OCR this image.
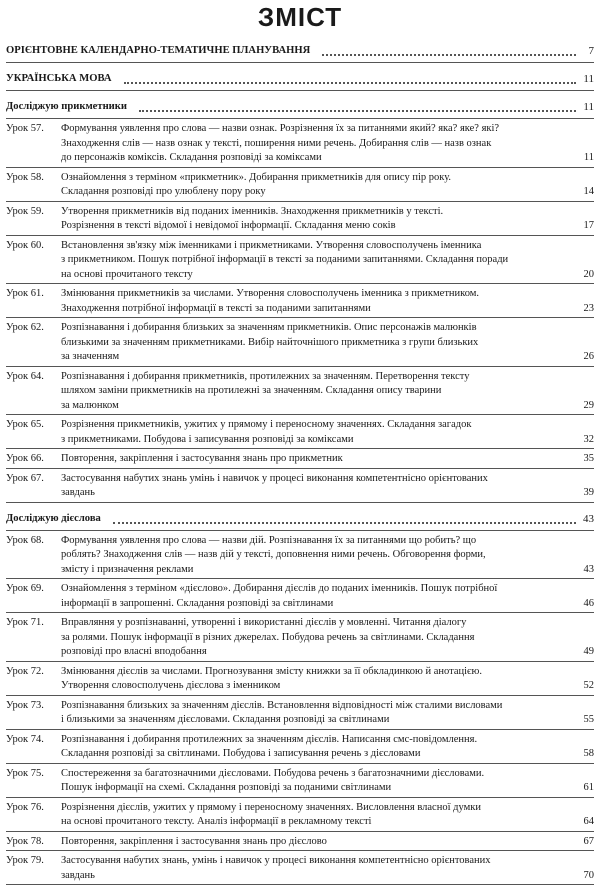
ЗМІСТ
ОРІЄНТОВНЕ КАЛЕНДАРНО-ТЕМАТИЧНЕ ПЛАНУВАННЯ	7
УКРАЇНСЬКА МОВА	11
Досліджую прикметники	11
Урок 57. Формування уявлення про слова — назви ознак. Розрізнення їх за питаннями який? яка? яке? які?
Знаходження слів — назв ознак у тексті, поширення ними речень. Добирання слів — назв ознак
до персонажів коміксів. Складання розповіді за коміксами	11
Урок 58. Ознайомлення з терміном «прикметник». Добирання прикметників для опису пір року.
Складання розповіді про улюблену пору року	14
Урок 59. Утворення прикметників від поданих іменників. Знаходження прикметників у тексті.
Розрізнення в тексті відомої і невідомої інформації. Складання меню соків	17
Урок 60. Встановлення зв'язку між іменниками і прикметниками. Утворення словосполучень іменника
з прикметником. Пошук потрібної інформації в тексті за поданими запитаннями. Складання поради
на основі прочитаного тексту	20
Урок 61. Змінювання прикметників за числами. Утворення словосполучень іменника з прикметником.
Знаходження потрібної інформації в тексті за поданими запитаннями	23
Урок 62. Розпізнавання і добирання близьких за значенням прикметників. Опис персонажів малюнків
близькими за значенням прикметниками. Вибір найточнішого прикметника з групи близьких
за значенням	26
Урок 64. Розпізнавання і добирання прикметників, протилежних за значенням. Перетворення тексту
шляхом заміни прикметників на протилежні за значенням. Складання опису тварини
за малюнком	29
Урок 65. Розрізнення прикметників, ужитих у прямому і переносному значеннях. Складання загадок
з прикметниками. Побудова і записування розповіді за коміксами	32
Урок 66. Повторення, закріплення і застосування знань про прикметник	35
Урок 67. Застосування набутих знань умінь і навичок у процесі виконання компетентнісно орієнтованих
завдань	39
Досліджую дієслова	43
Урок 68. Формування уявлення про слова — назви дій. Розпізнавання їх за питаннями що робить? що
роблять? Знаходження слів — назв дій у тексті, доповнення ними речень. Обговорення форми,
змісту і призначення реклами	43
Урок 69. Ознайомлення з терміном «дієслово». Добирання дієслів до поданих іменників. Пошук потрібної
інформації в запрошенні. Складання розповіді за світлинами	46
Урок 71. Вправляння у розпізнаванні, утворенні і використанні дієслів у мовленні. Читання діалогу
за ролями. Пошук інформації в різних джерелах. Побудова речень за світлинами. Складання
розповіді про власні вподобання	49
Урок 72. Змінювання дієслів за числами. Прогнозування змісту книжки за її обкладинкою й анотацією.
Утворення словосполучень дієслова з іменником	52
Урок 73. Розпізнавання близьких за значенням дієслів. Встановлення відповідності між сталими висловами
і близькими за значенням дієсловами. Складання розповіді за світлинами	55
Урок 74. Розпізнавання і добирання протилежних за значенням дієслів. Написання смс-повідомлення.
Складання розповіді за світлинами. Побудова і записування речень з дієсловами	58
Урок 75. Спостереження за багатозначними дієсловами. Побудова речень з багатозначними дієсловами.
Пошук інформації на схемі. Складання розповіді за поданими світлинами	61
Урок 76. Розрізнення дієслів, ужитих у прямому і переносному значеннях. Висловлення власної думки
на основі прочитаного тексту. Аналіз інформації в рекламному тексті	64
Урок 78. Повторення, закріплення і застосування знань про дієслово	67
Урок 79. Застосування набутих знань, умінь і навичок у процесі виконання компетентнісно орієнтованих
завдань	70
